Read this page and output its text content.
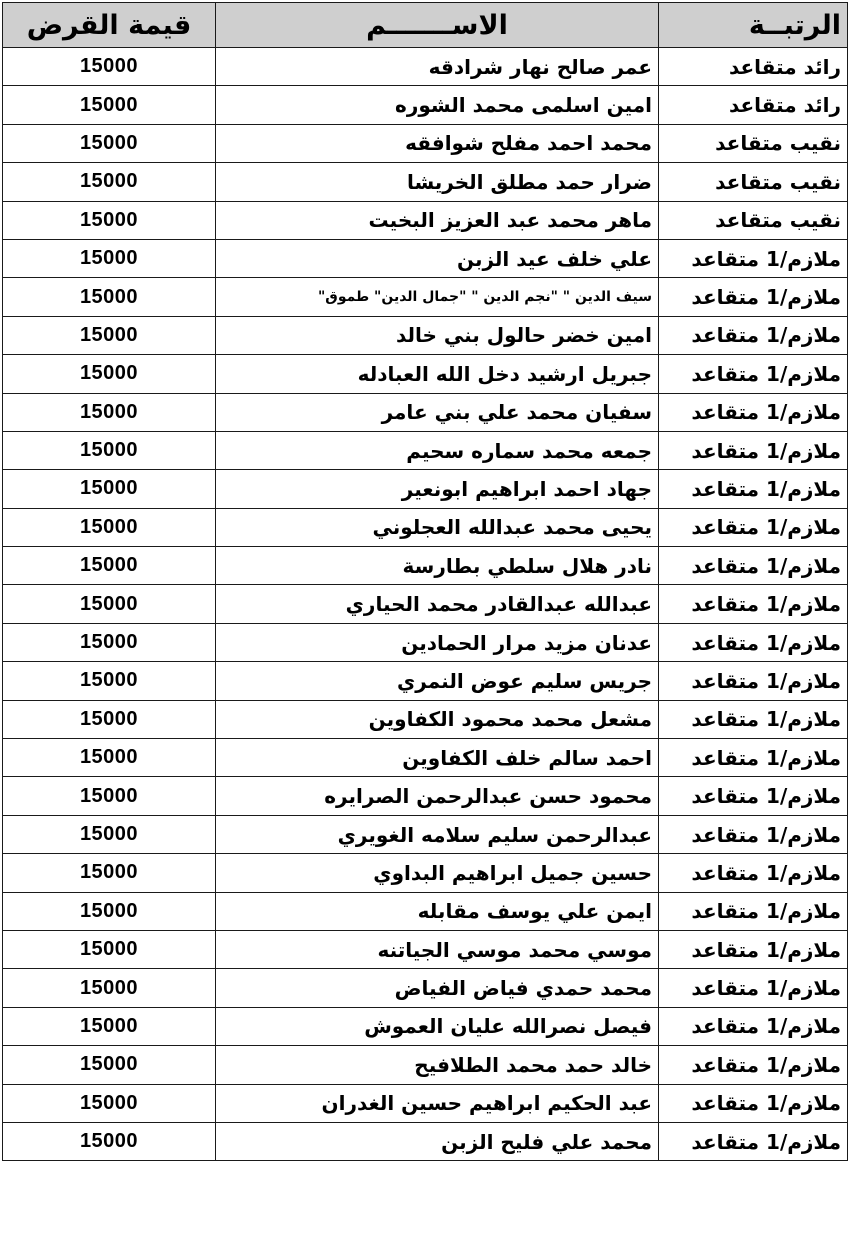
قيمة القرض	الاســـــــم	الرتبــة
15000	عمر صالح نهار شرادقه	رائد متقاعد
15000	امين اسلمى محمد الشوره	رائد متقاعد
15000	محمد احمد مفلح شوافقه	نقيب متقاعد
15000	ضرار حمد مطلق الخريشا	نقيب متقاعد
15000	ماهر محمد عبد العزيز البخيت	نقيب متقاعد
15000	علي خلف عيد الزبن	ملازم/1 متقاعد
15000	سيف الدين " "نجم الدين " "جمال الدين" طموق"	ملازم/1 متقاعد
15000	امين خضر حالول بني خالد	ملازم/1 متقاعد
15000	جبريل ارشيد دخل الله العبادله	ملازم/1 متقاعد
15000	سفيان محمد علي بني عامر	ملازم/1 متقاعد
15000	جمعه محمد سماره سحيم	ملازم/1 متقاعد
15000	جهاد احمد ابراهيم ابونعير	ملازم/1 متقاعد
15000	يحيى محمد عبدالله العجلوني	ملازم/1 متقاعد
15000	نادر هلال سلطي بطارسة	ملازم/1 متقاعد
15000	عبدالله عبدالقادر محمد الحياري	ملازم/1 متقاعد
15000	عدنان مزيد مرار الحمادين	ملازم/1 متقاعد
15000	جريس سليم عوض النمري	ملازم/1 متقاعد
15000	مشعل محمد محمود الكفاوين	ملازم/1 متقاعد
15000	احمد سالم خلف الكفاوين	ملازم/1 متقاعد
15000	محمود حسن عبدالرحمن الصرايره	ملازم/1 متقاعد
15000	عبدالرحمن سليم سلامه الغويري	ملازم/1 متقاعد
15000	حسين جميل ابراهيم البداوي	ملازم/1 متقاعد
15000	ايمن علي يوسف مقابله	ملازم/1 متقاعد
15000	موسي محمد موسي الجياتنه	ملازم/1 متقاعد
15000	محمد حمدي فياض الفياض	ملازم/1 متقاعد
15000	فيصل نصرالله عليان العموش	ملازم/1 متقاعد
15000	خالد حمد محمد الطلافيح	ملازم/1 متقاعد
15000	عبد الحكيم ابراهيم حسين الغدران	ملازم/1 متقاعد
15000	محمد علي فليح الزبن	ملازم/1 متقاعد
